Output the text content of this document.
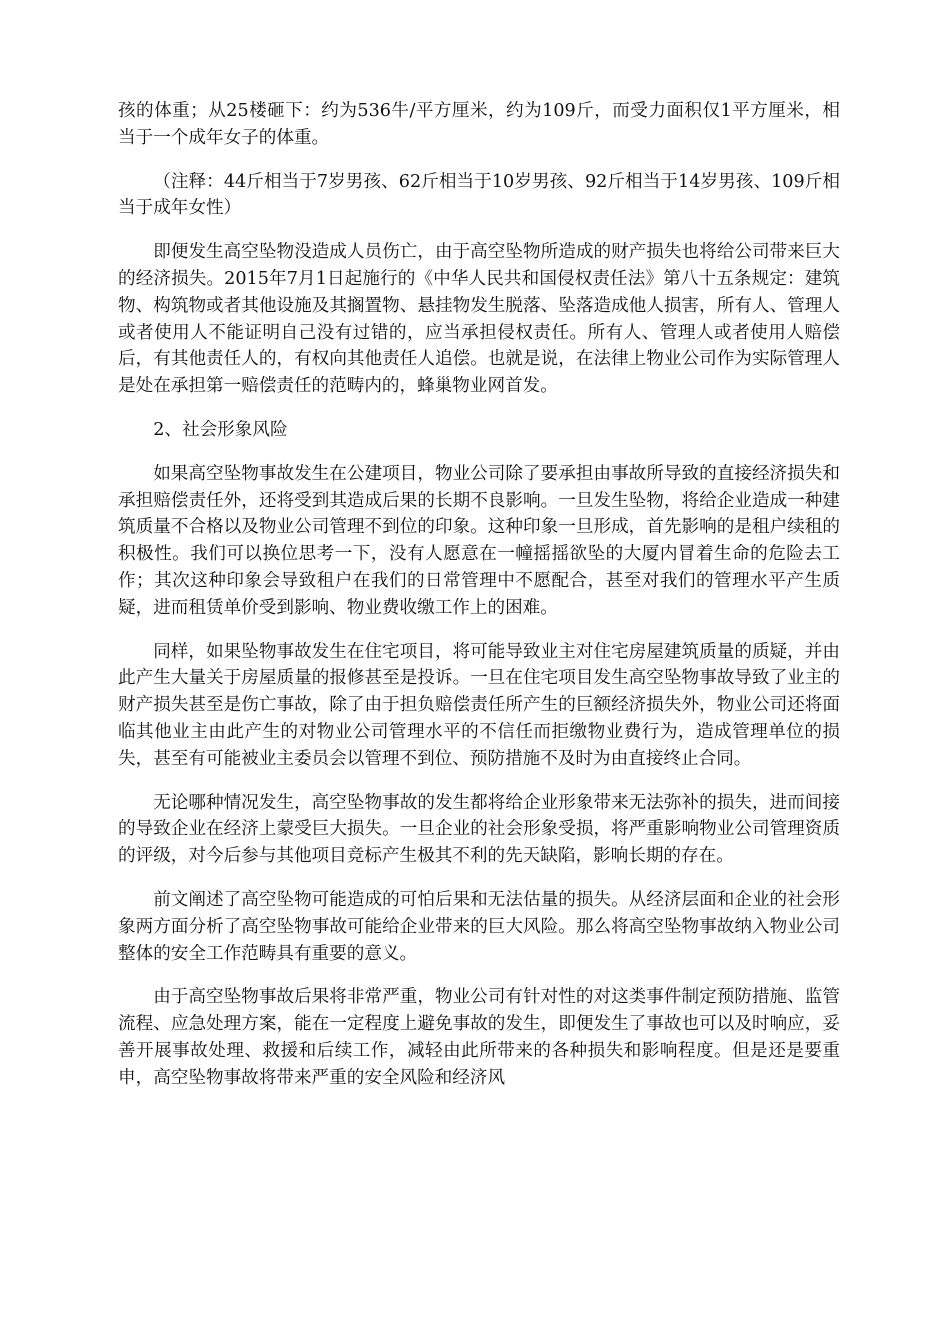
孩的体重；从25楼砸下：约为536牛/平方厘米，约为109斤，而受力面积仅1平方厘米，相当于一个成年女子的体重。

（注释：44斤相当于7岁男孩、62斤相当于10岁男孩、92斤相当于14岁男孩、109斤相当于成年女性）

即便发生高空坠物没造成人员伤亡，由于高空坠物所造成的财产损失也将给公司带来巨大的经济损失。2015年7月1日起施行的《中华人民共和国侵权责任法》第八十五条规定：建筑物、构筑物或者其他设施及其搁置物、悬挂物发生脱落、坠落造成他人损害，所有人、管理人或者使用人不能证明自己没有过错的，应当承担侵权责任。所有人、管理人或者使用人赔偿后，有其他责任人的，有权向其他责任人追偿。也就是说，在法律上物业公司作为实际管理人是处在承担第一赔偿责任的范畴内的，蜂巢物业网首发。

2、社会形象风险

如果高空坠物事故发生在公建项目，物业公司除了要承担由事故所导致的直接经济损失和承担赔偿责任外，还将受到其造成后果的长期不良影响。一旦发生坠物，将给企业造成一种建筑质量不合格以及物业公司管理不到位的印象。这种印象一旦形成，首先影响的是租户续租的积极性。我们可以换位思考一下，没有人愿意在一幢摇摇欲坠的大厦内冒着生命的危险去工作；其次这种印象会导致租户在我们的日常管理中不愿配合，甚至对我们的管理水平产生质疑，进而租赁单价受到影响、物业费收缴工作上的困难。

同样，如果坠物事故发生在住宅项目，将可能导致业主对住宅房屋建筑质量的质疑，并由此产生大量关于房屋质量的报修甚至是投诉。一旦在住宅项目发生高空坠物事故导致了业主的财产损失甚至是伤亡事故，除了由于担负赔偿责任所产生的巨额经济损失外，物业公司还将面临其他业主由此产生的对物业公司管理水平的不信任而拒缴物业费行为，造成管理单位的损失，甚至有可能被业主委员会以管理不到位、预防措施不及时为由直接终止合同。

无论哪种情况发生，高空坠物事故的发生都将给企业形象带来无法弥补的损失，进而间接的导致企业在经济上蒙受巨大损失。一旦企业的社会形象受损，将严重影响物业公司管理资质的评级，对今后参与其他项目竞标产生极其不利的先天缺陷，影响长期的存在。

前文阐述了高空坠物可能造成的可怕后果和无法估量的损失。从经济层面和企业的社会形象两方面分析了高空坠物事故可能给企业带来的巨大风险。那么将高空坠物事故纳入物业公司整体的安全工作范畴具有重要的意义。

由于高空坠物事故后果将非常严重，物业公司有针对性的对这类事件制定预防措施、监管流程、应急处理方案，能在一定程度上避免事故的发生，即便发生了事故也可以及时响应，妥善开展事故处理、救援和后续工作，减轻由此所带来的各种损失和影响程度。但是还是要重申，高空坠物事故将带来严重的安全风险和经济风
